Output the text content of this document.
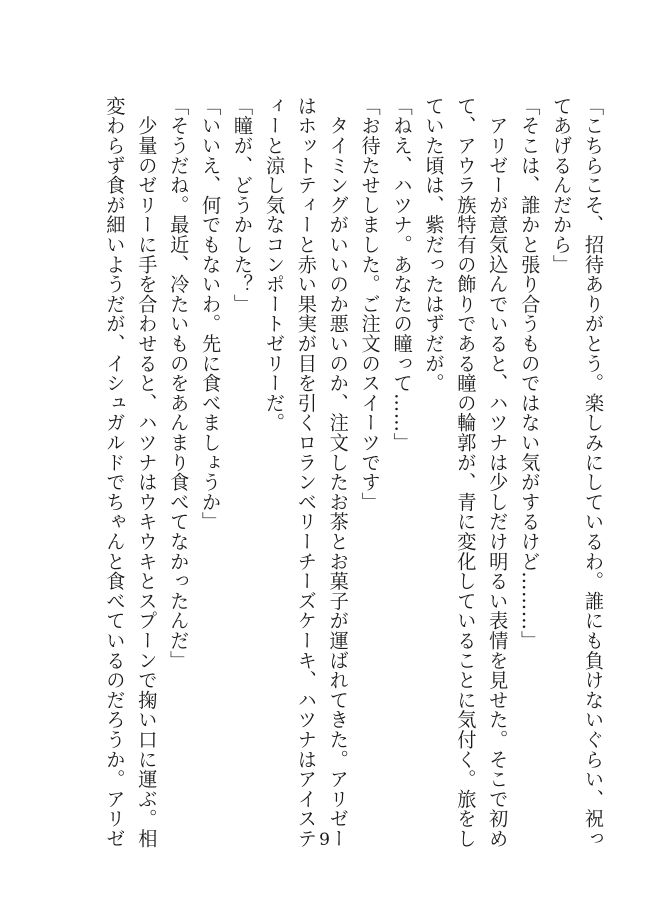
「こちらこそ、招待ありがとう。楽しみにしているわ。誰にも負けないぐらい、祝っ
てあげるんだから」
「そこは、誰かと張り合うものではない気がするけど………」
　アリゼーが意気込んでいると、ハツナは少しだけ明るい表情を見せた。そこで初め
て、アウラ族特有の飾りである瞳の輪郭が、青に変化していることに気付く。旅をし
ていた頃は、紫だったはずだが。
「ねえ、ハツナ。あなたの瞳って……」
「お待たせしました。ご注文のスイーツです」
　タイミングがいいのか悪いのか、注文したお茶とお菓子が運ばれてきた。アリゼー
はホットティーと赤い果実が目を引くロランベリーチーズケーキ、ハツナはアイステ
ィーと涼し気なコンポートゼリーだ。
「瞳が、どうかした？」
「いいえ、何でもないわ。先に食べましょうか」
「そうだね。最近、冷たいものをあんまり食べてなかったんだ」
　少量のゼリーに手を合わせると、ハツナはウキウキとスプーンで掬い口に運ぶ。相
変わらず食が細いようだが、イシュガルドでちゃんと食べているのだろうか。アリゼ	9
